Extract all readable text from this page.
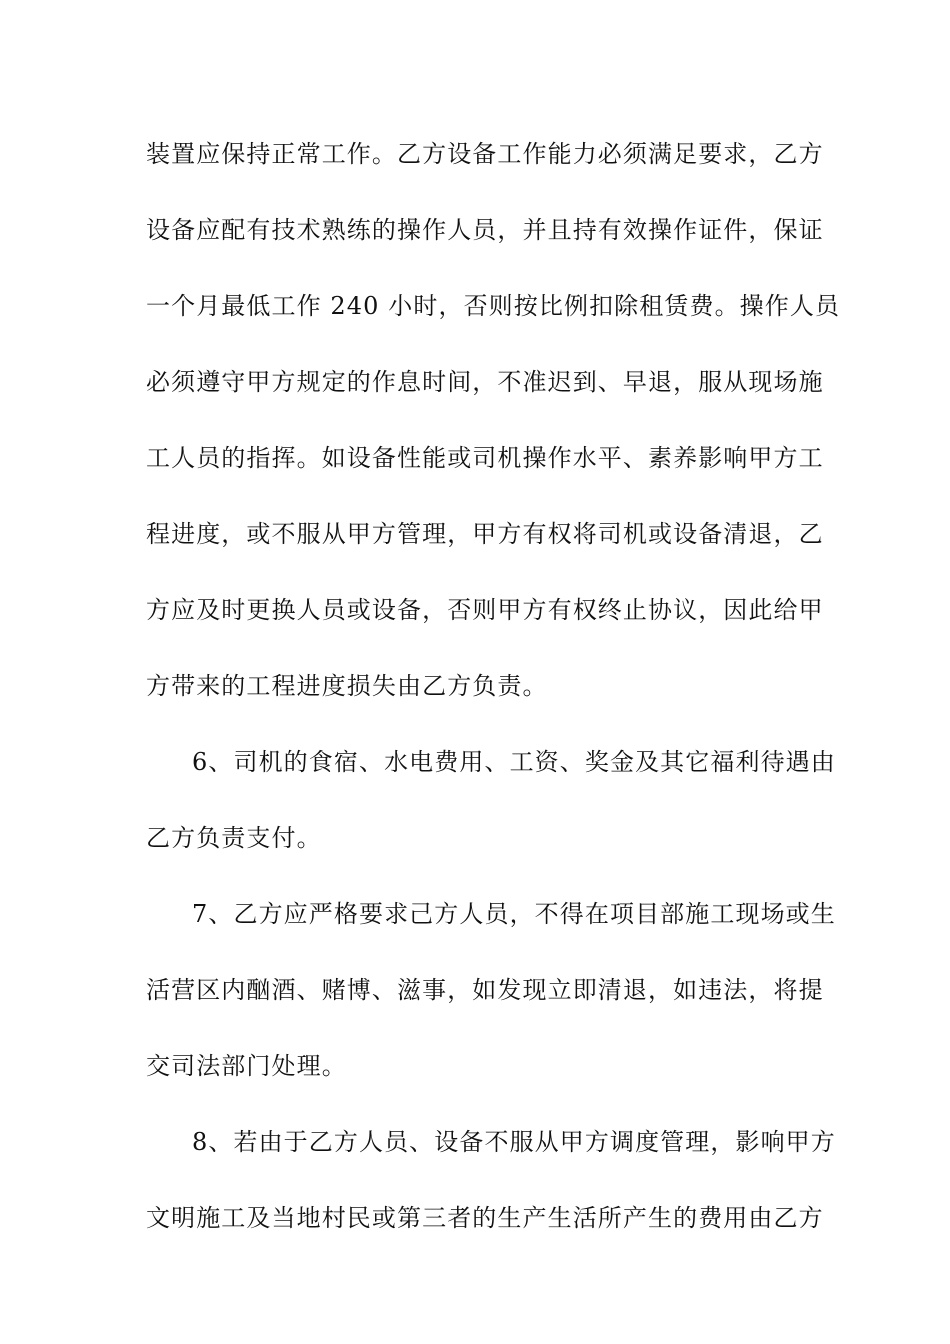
装置应保持正常工作。乙方设备工作能力必须满足要求，乙方
设备应配有技术熟练的操作人员，并且持有效操作证件，保证
一个月最低工作 240 小时，否则按比例扣除租赁费。操作人员
必须遵守甲方规定的作息时间，不准迟到、早退，服从现场施
工人员的指挥。如设备性能或司机操作水平、素养影响甲方工
程进度，或不服从甲方管理，甲方有权将司机或设备清退，乙
方应及时更换人员或设备，否则甲方有权终止协议，因此给甲
方带来的工程进度损失由乙方负责。
6、司机的食宿、水电费用、工资、奖金及其它福利待遇由
乙方负责支付。
7、乙方应严格要求己方人员，不得在项目部施工现场或生
活营区内酗酒、赌博、滋事，如发现立即清退，如违法，将提
交司法部门处理。
8、若由于乙方人员、设备不服从甲方调度管理，影响甲方
文明施工及当地村民或第三者的生产生活所产生的费用由乙方
